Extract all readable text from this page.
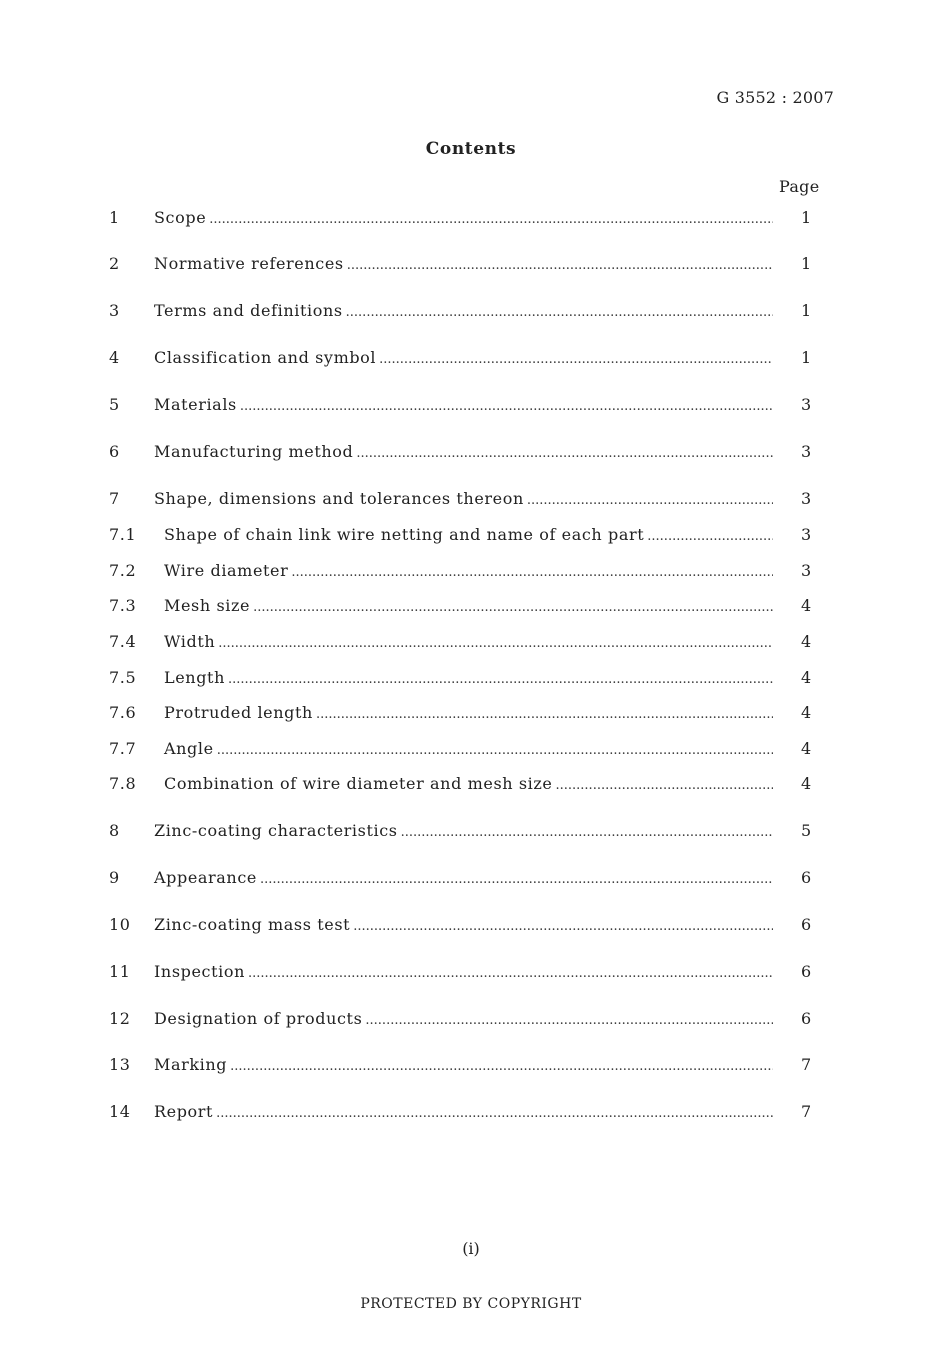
G 3552 : 2007
Contents
Page
1 Scope .....	1
2 Normative references .....	1
3 Terms and definitions .....	1
4 Classification and symbol .....	1
5 Materials .....	3
6 Manufacturing method .....	3
7 Shape, dimensions and tolerances thereon .....	3
7.1 Shape of chain link wire netting and name of each part .....	3
7.2 Wire diameter .....	3
7.3 Mesh size .....	4
7.4 Width .....	4
7.5 Length .....	4
7.6 Protruded length .....	4
7.7 Angle .....	4
7.8 Combination of wire diameter and mesh size .....	4
8 Zinc-coating characteristics .....	5
9 Appearance .....	6
10 Zinc-coating mass test .....	6
11 Inspection .....	6
12 Designation of products .....	6
13 Marking .....	7
14 Report .....	7
(i)
PROTECTED BY COPYRIGHT
